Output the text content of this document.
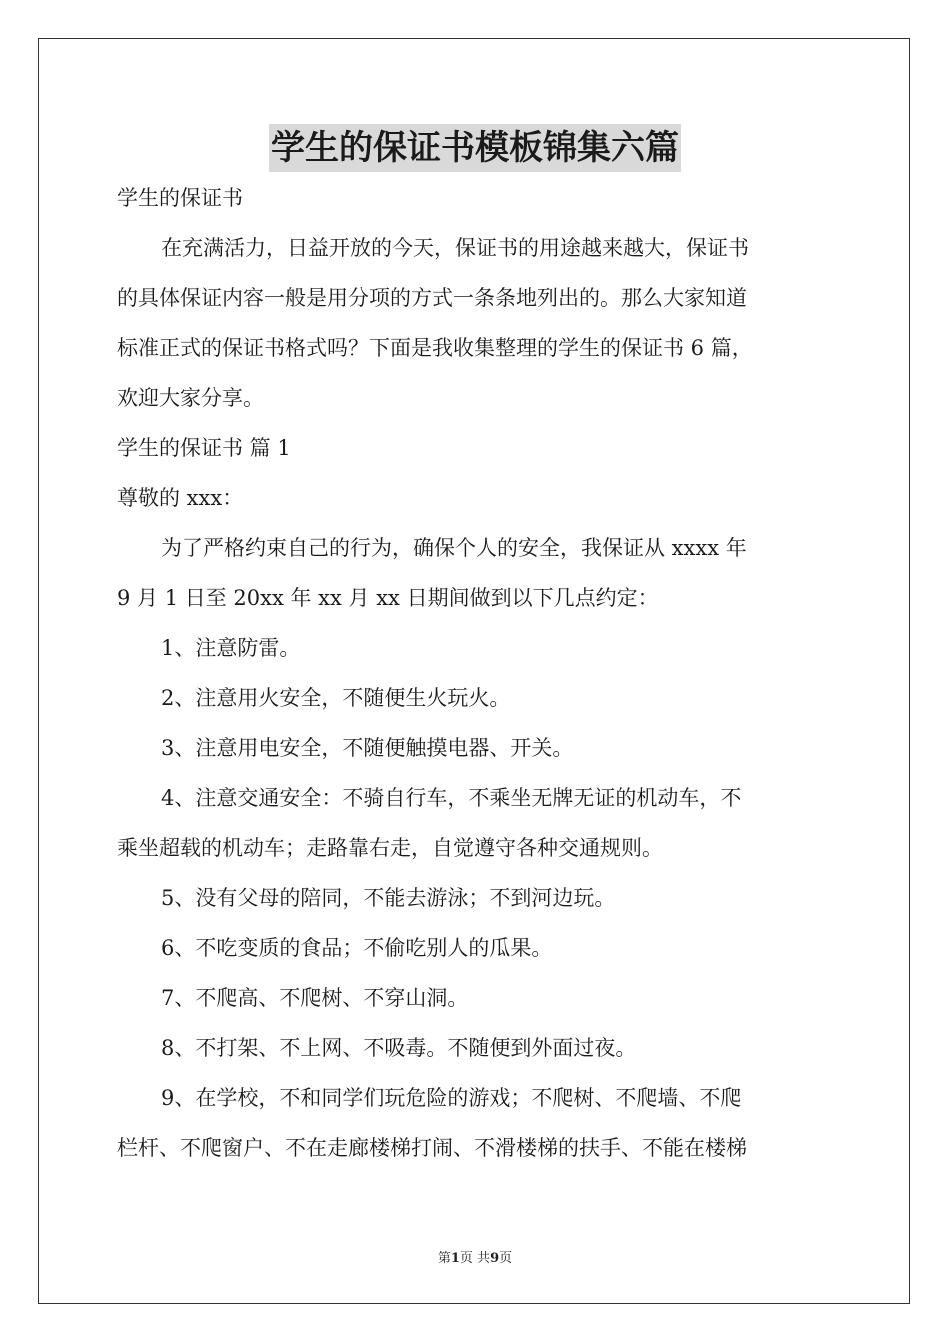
学生的保证书模板锦集六篇

学生的保证书

在充满活力，日益开放的今天，保证书的用途越来越大，保证书

的具体保证内容一般是用分项的方式一条条地列出的。那么大家知道

标准正式的保证书格式吗？下面是我收集整理的学生的保证书 6 篇，

欢迎大家分享。

学生的保证书 篇 1

尊敬的 xxx：

为了严格约束自己的行为，确保个人的安全，我保证从 xxxx 年

9 月 1 日至 20xx 年 xx 月 xx 日期间做到以下几点约定：

1、注意防雷。

2、注意用火安全，不随便生火玩火。

3、注意用电安全，不随便触摸电器、开关。

4、注意交通安全：不骑自行车，不乘坐无牌无证的机动车，不

乘坐超载的机动车；走路靠右走，自觉遵守各种交通规则。

5、没有父母的陪同，不能去游泳；不到河边玩。

6、不吃变质的食品；不偷吃别人的瓜果。

7、不爬高、不爬树、不穿山洞。

8、不打架、不上网、不吸毒。不随便到外面过夜。

9、在学校，不和同学们玩危险的游戏；不爬树、不爬墙、不爬

栏杆、不爬窗户、不在走廊楼梯打闹、不滑楼梯的扶手、不能在楼梯

第1页 共9页
